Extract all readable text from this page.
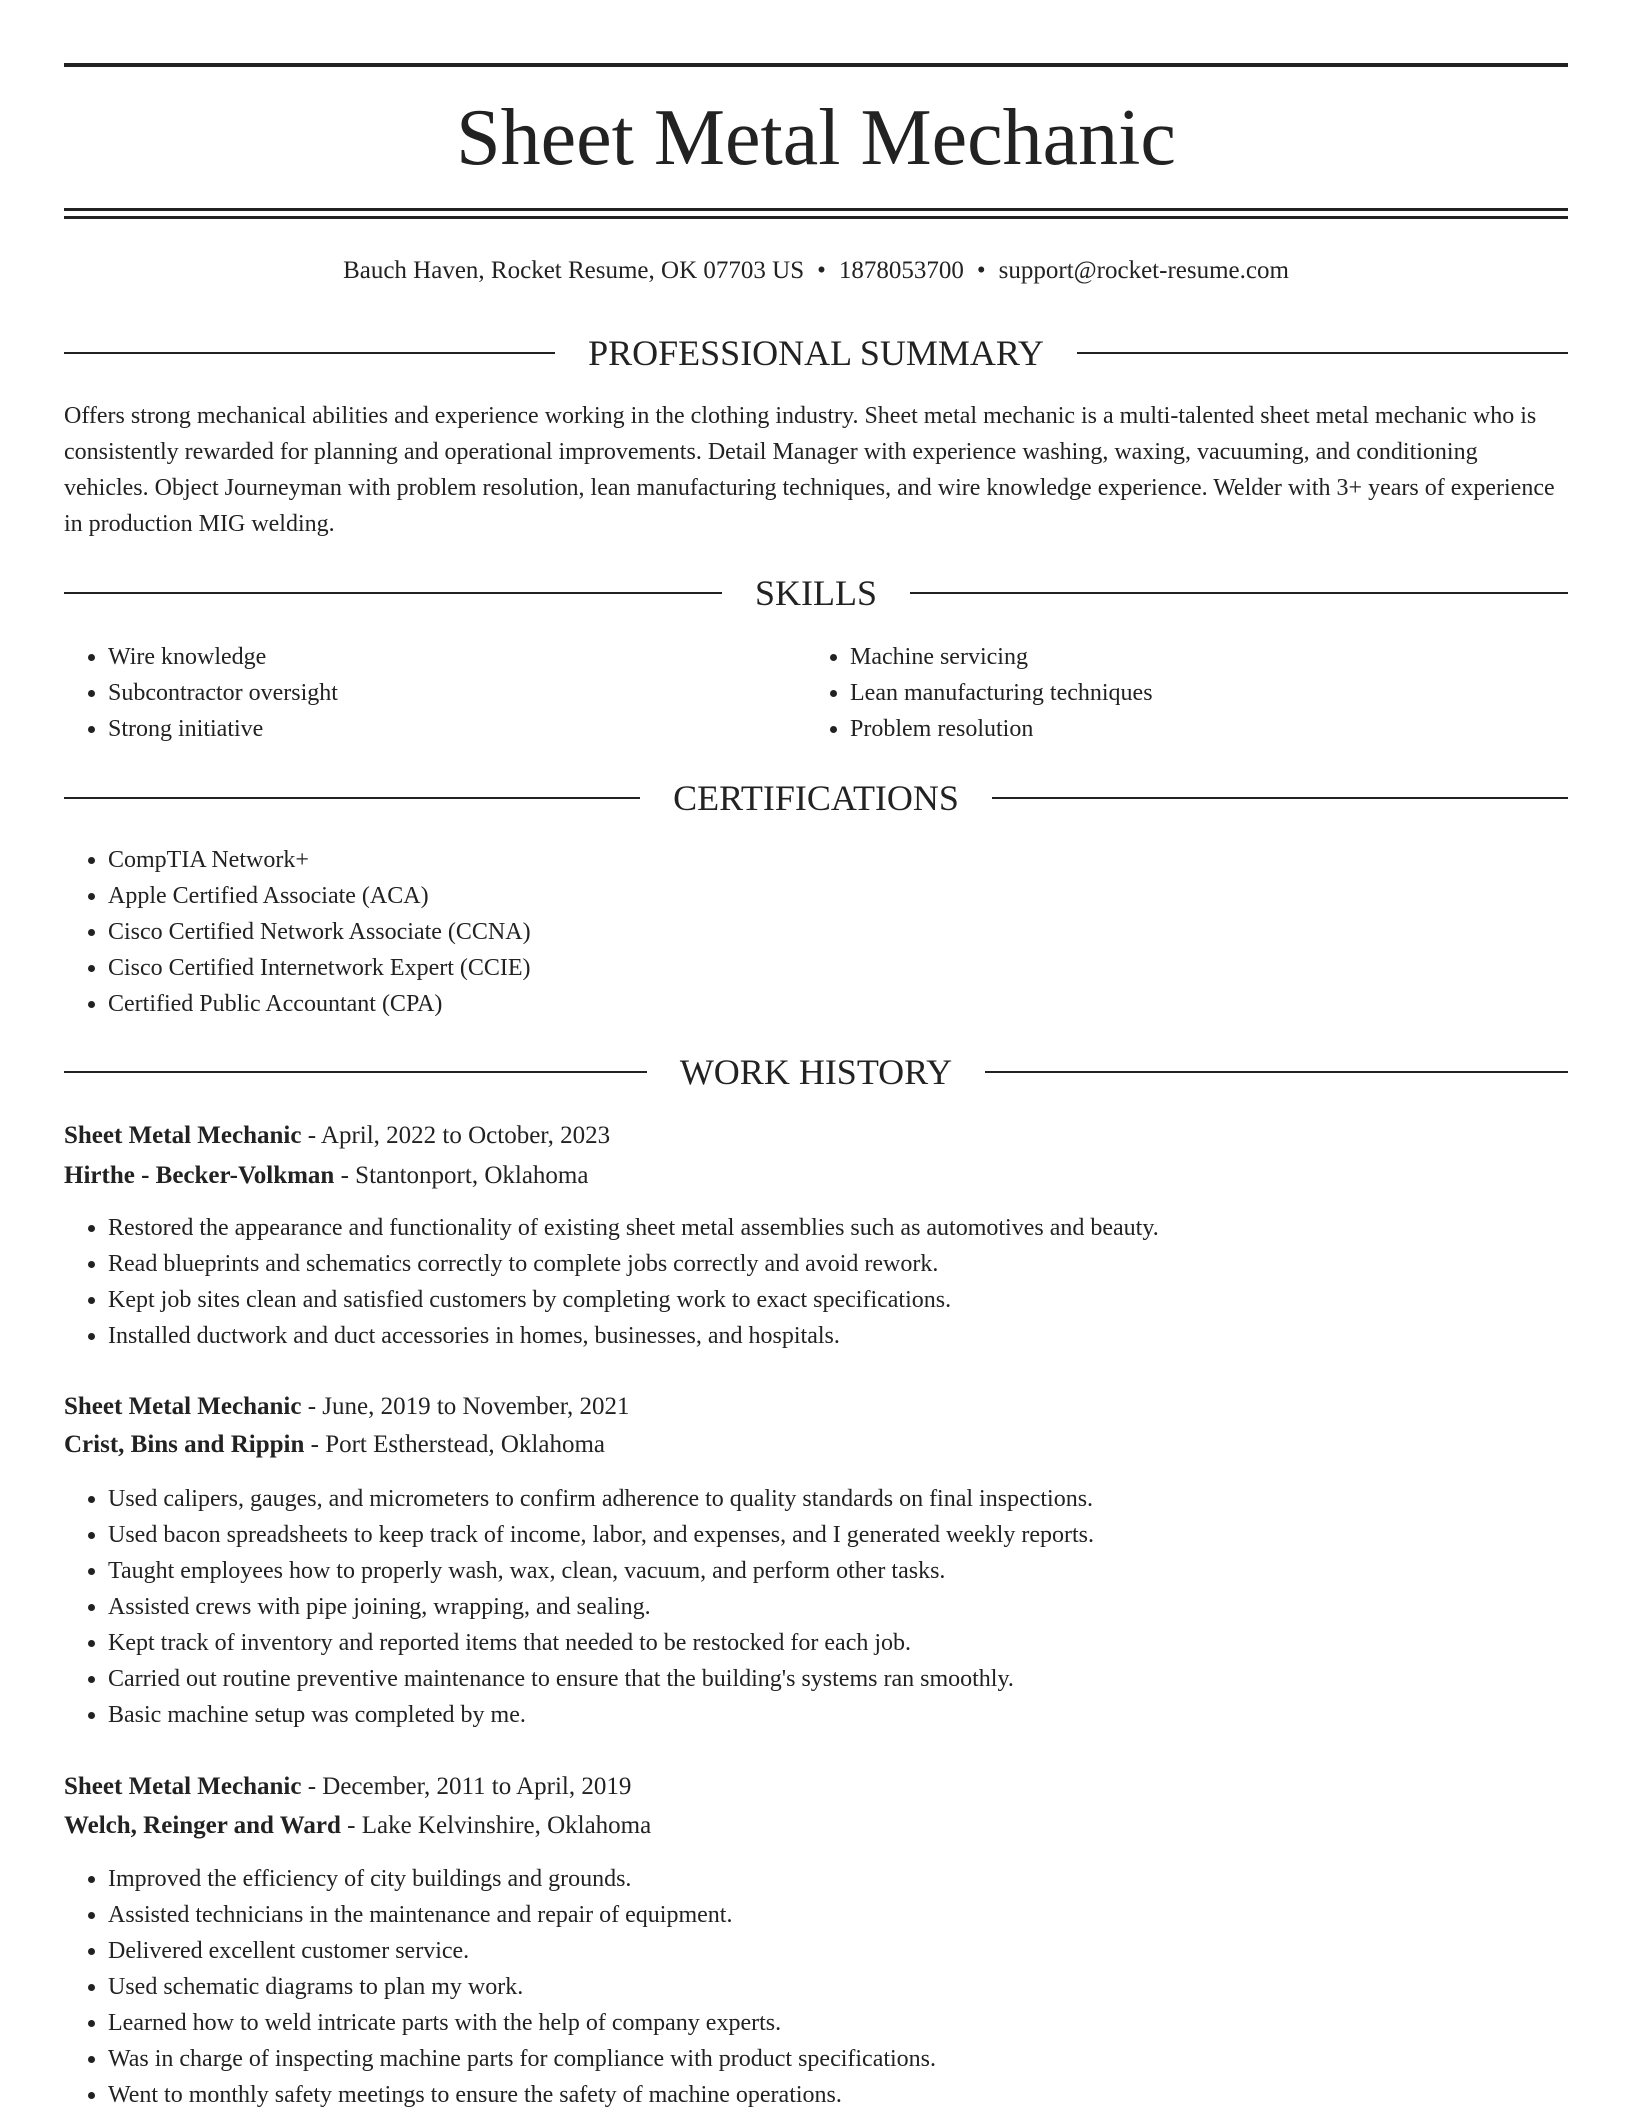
Sheet Metal Mechanic
Bauch Haven, Rocket Resume, OK 07703 US • 1878053700 • support@rocket-resume.com
PROFESSIONAL SUMMARY
Offers strong mechanical abilities and experience working in the clothing industry. Sheet metal mechanic is a multi-talented sheet metal mechanic who is consistently rewarded for planning and operational improvements. Detail Manager with experience washing, waxing, vacuuming, and conditioning vehicles. Object Journeyman with problem resolution, lean manufacturing techniques, and wire knowledge experience. Welder with 3+ years of experience in production MIG welding.
SKILLS
• Wire knowledge
• Subcontractor oversight
• Strong initiative
• Machine servicing
• Lean manufacturing techniques
• Problem resolution
CERTIFICATIONS
• CompTIA Network+
• Apple Certified Associate (ACA)
• Cisco Certified Network Associate (CCNA)
• Cisco Certified Internetwork Expert (CCIE)
• Certified Public Accountant (CPA)
WORK HISTORY
Sheet Metal Mechanic - April, 2022 to October, 2023
Hirthe - Becker-Volkman - Stantonport, Oklahoma
• Restored the appearance and functionality of existing sheet metal assemblies such as automotives and beauty.
• Read blueprints and schematics correctly to complete jobs correctly and avoid rework.
• Kept job sites clean and satisfied customers by completing work to exact specifications.
• Installed ductwork and duct accessories in homes, businesses, and hospitals.
Sheet Metal Mechanic - June, 2019 to November, 2021
Crist, Bins and Rippin - Port Estherstead, Oklahoma
• Used calipers, gauges, and micrometers to confirm adherence to quality standards on final inspections.
• Used bacon spreadsheets to keep track of income, labor, and expenses, and I generated weekly reports.
• Taught employees how to properly wash, wax, clean, vacuum, and perform other tasks.
• Assisted crews with pipe joining, wrapping, and sealing.
• Kept track of inventory and reported items that needed to be restocked for each job.
• Carried out routine preventive maintenance to ensure that the building's systems ran smoothly.
• Basic machine setup was completed by me.
Sheet Metal Mechanic - December, 2011 to April, 2019
Welch, Reinger and Ward - Lake Kelvinshire, Oklahoma
• Improved the efficiency of city buildings and grounds.
• Assisted technicians in the maintenance and repair of equipment.
• Delivered excellent customer service.
• Used schematic diagrams to plan my work.
• Learned how to weld intricate parts with the help of company experts.
• Was in charge of inspecting machine parts for compliance with product specifications.
• Went to monthly safety meetings to ensure the safety of machine operations.
